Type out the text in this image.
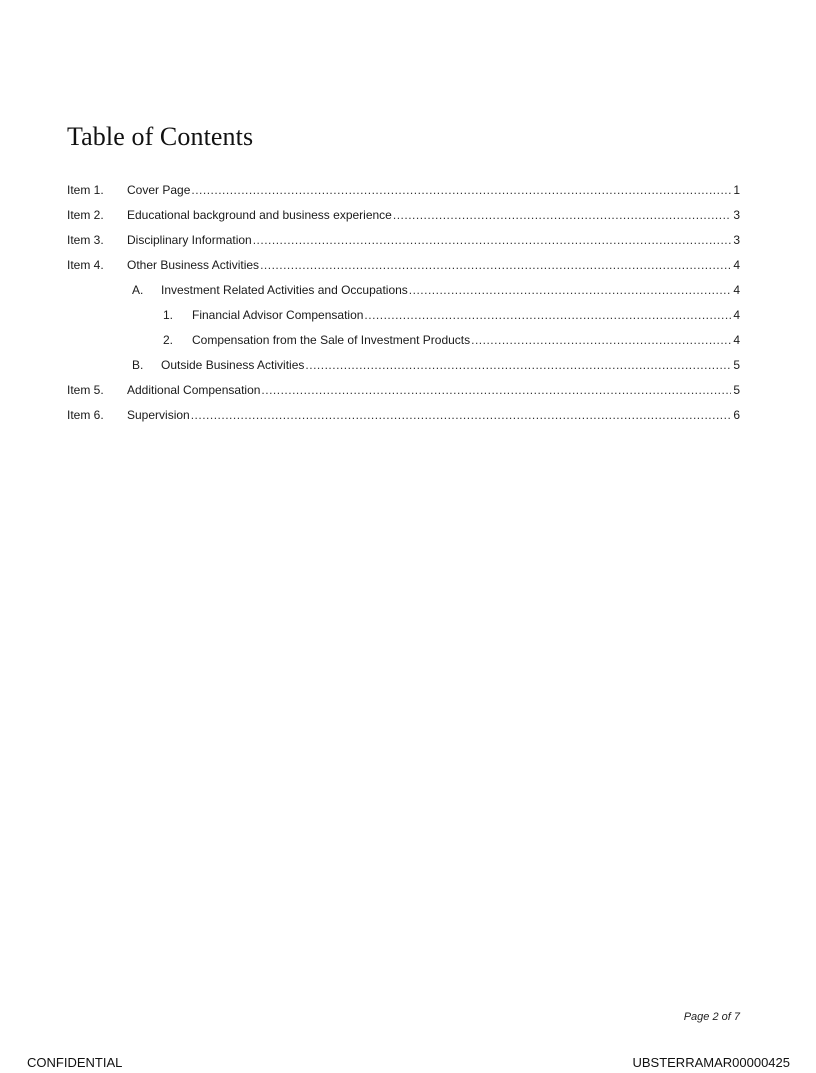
Table of Contents
Item 1.	Cover Page .....	1
Item 2.	Educational background and business experience .....	3
Item 3.	Disciplinary Information .....	3
Item 4.	Other Business Activities .....	4
A.	Investment Related Activities and Occupations .....	4
1.	Financial Advisor Compensation .....	4
2.	Compensation from the Sale of Investment Products .....	4
B.	Outside Business Activities .....	5
Item 5.	Additional Compensation .....	5
Item 6.	Supervision .....	6
Page 2 of 7
CONFIDENTIAL	UBSTERRAMAR00000425
